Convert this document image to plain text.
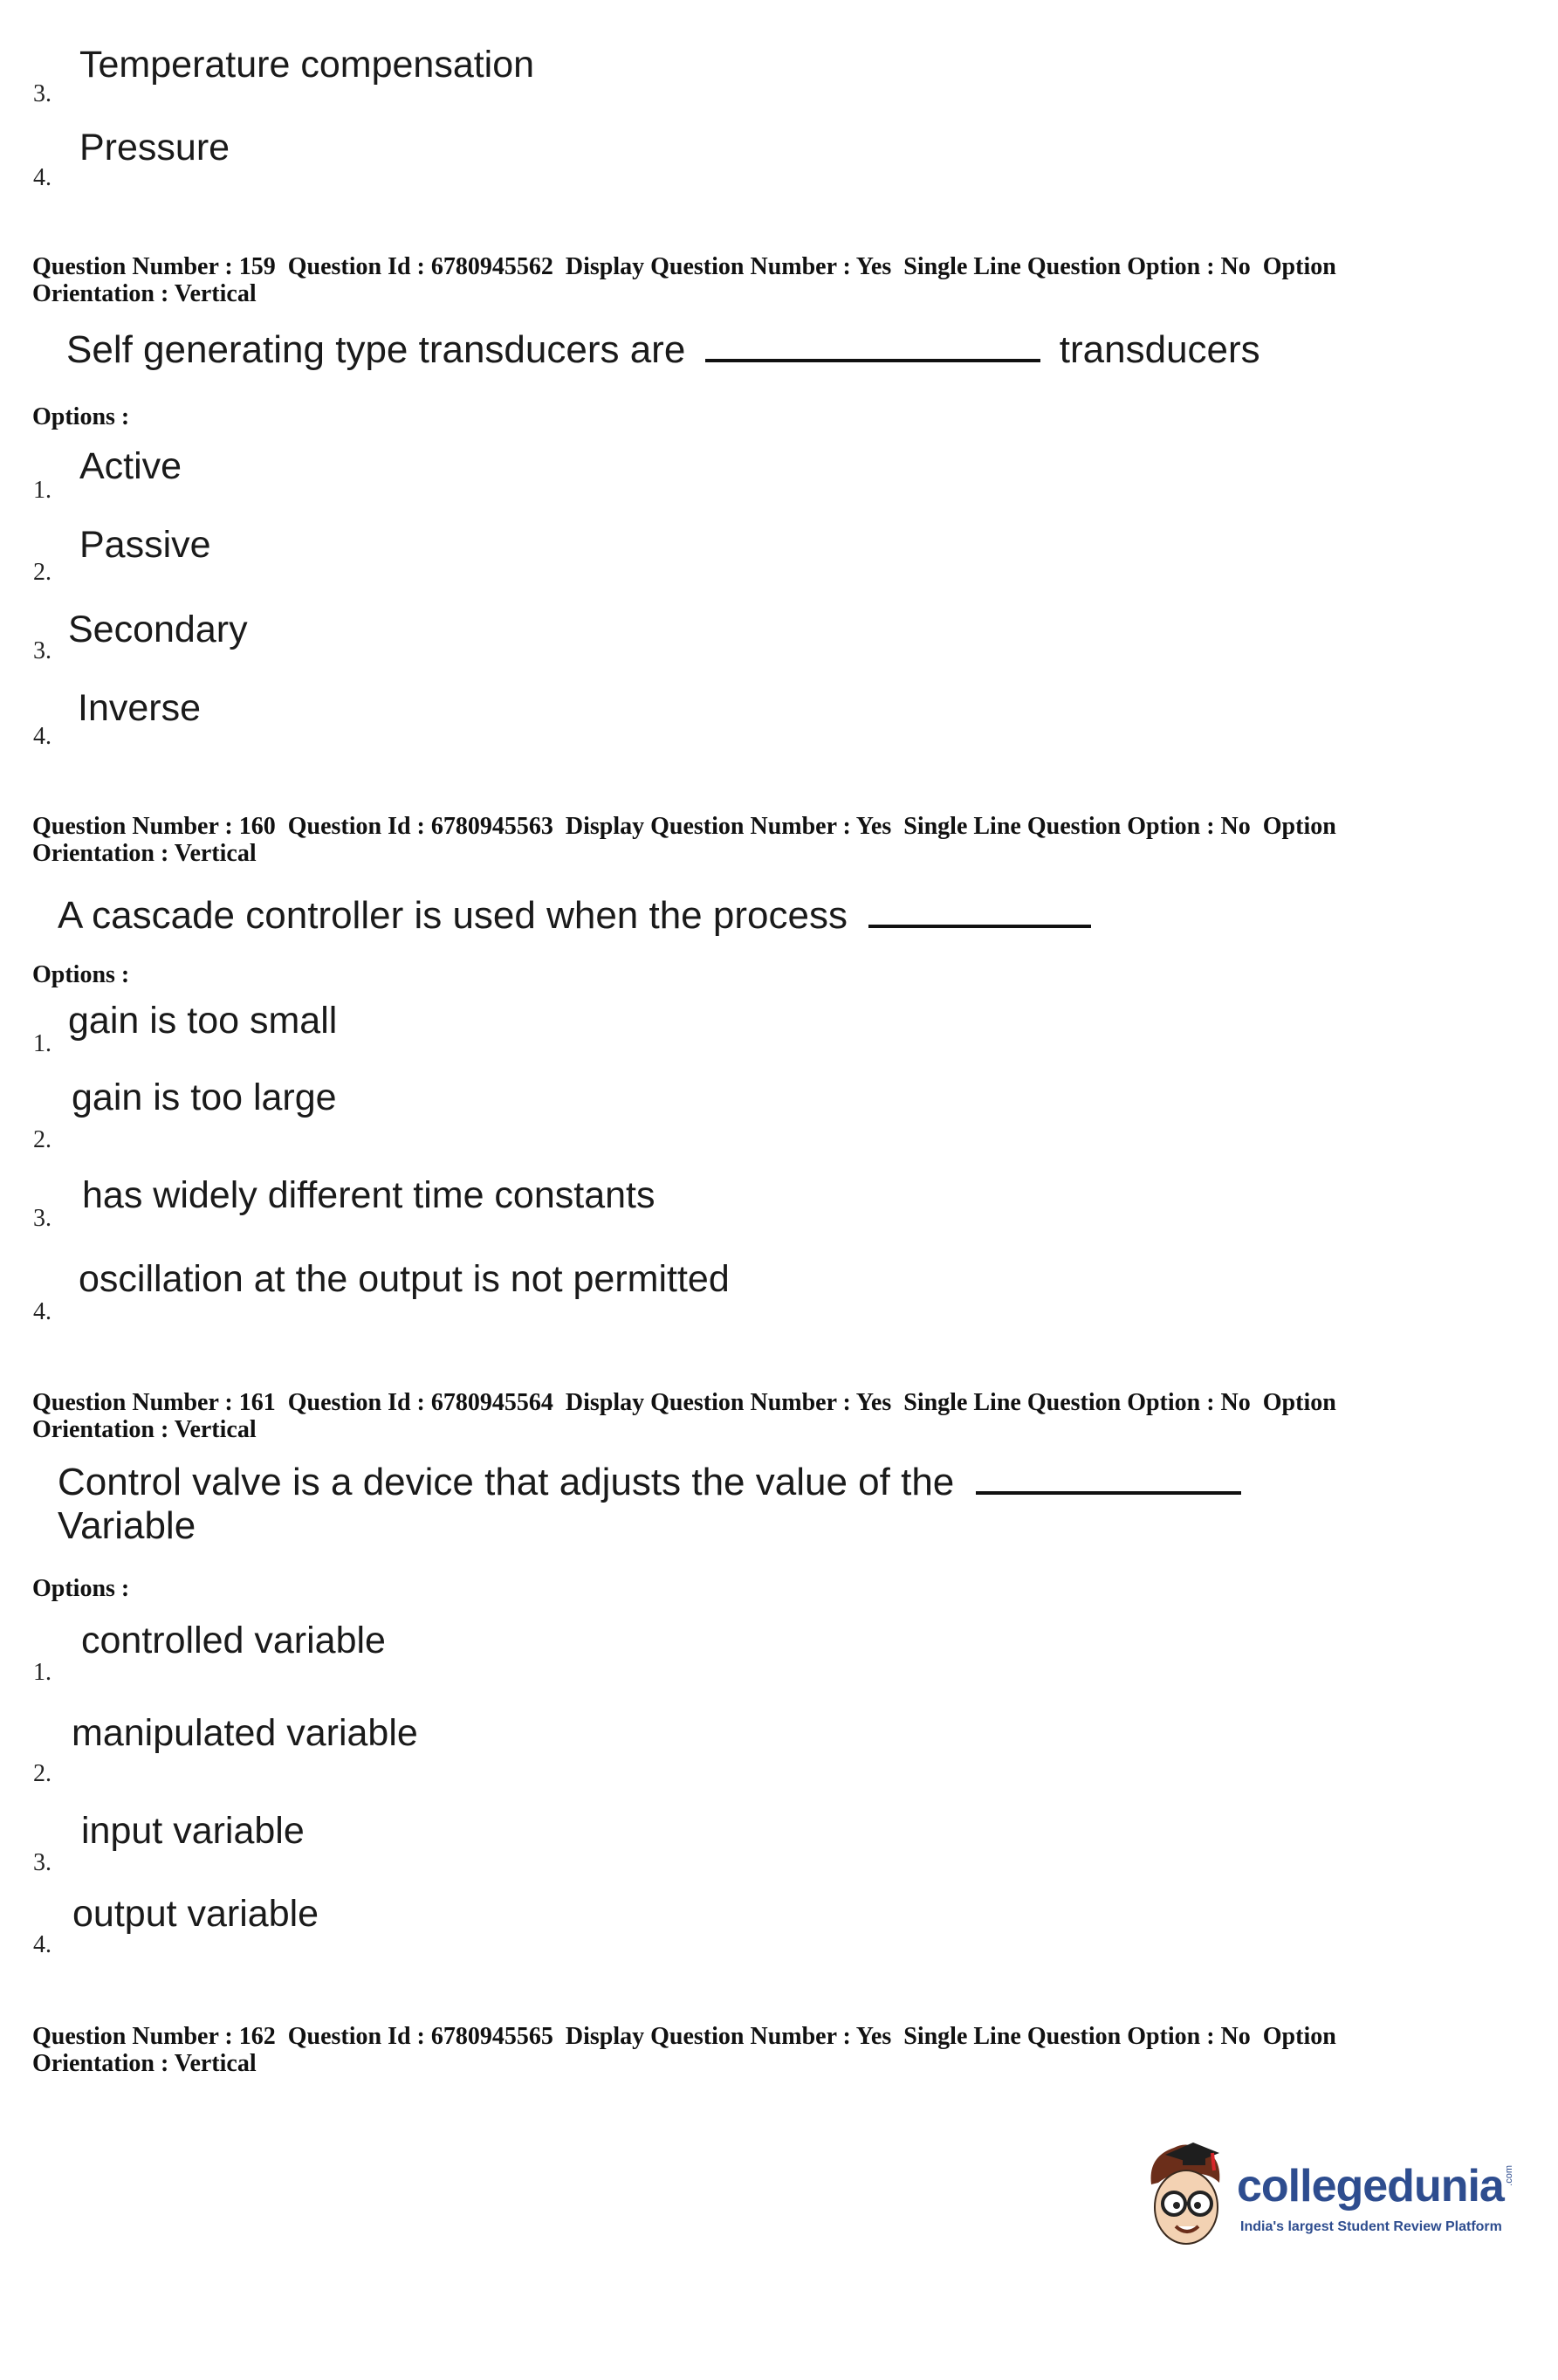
Temperature compensation
3.
Pressure
4.
Question Number : 159 Question Id : 6780945562 Display Question Number : Yes Single Line Question Option : No Option
Orientation : Vertical
Self generating type transducers are	transducers
Options :
Active
1.
Passive
2.
Secondary
3.
Inverse
4.
Question Number : 160 Question Id : 6780945563 Display Question Number : Yes Single Line Question Option : No Option
Orientation : Vertical
A cascade controller is used when the process
Options :
gain is too small
1.
gain is too large
2.
has widely different time constants
3.
oscillation at the output is not permitted
4.
Question Number : 161 Question Id : 6780945564 Display Question Number : Yes Single Line Question Option : No Option
Orientation : Vertical
Control valve is a device that adjusts the value of the
Variable
Options :
controlled variable
1.
manipulated variable
2.
input variable
3.
output variable
4.
Question Number : 162 Question Id : 6780945565 Display Question Number : Yes Single Line Question Option : No Option
Orientation : Vertical
collegedunia .com
India's largest Student Review Platform
